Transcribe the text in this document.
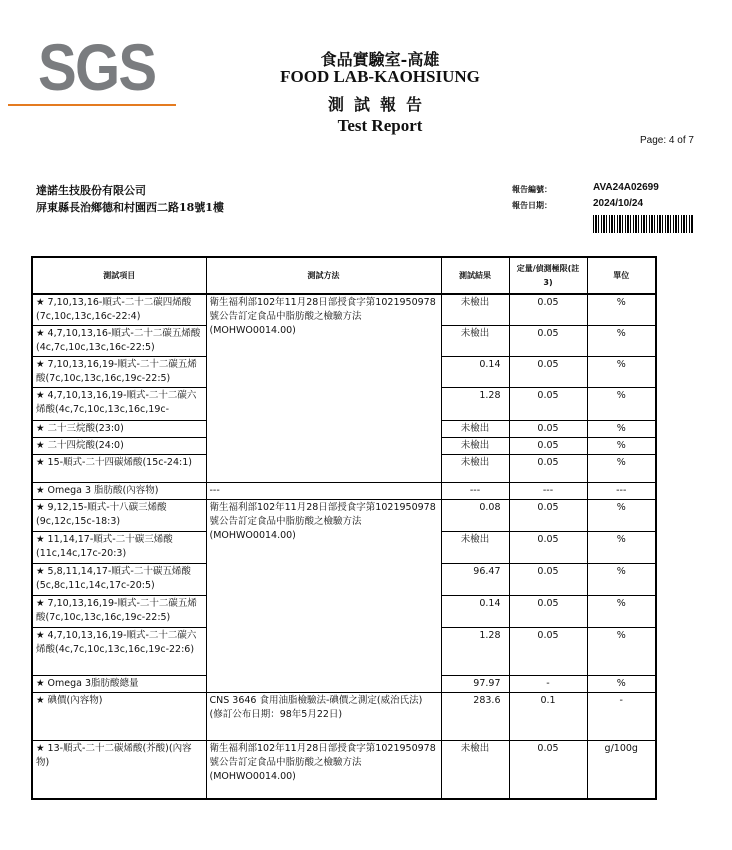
SGS	食品實驗室-高雄
FOOD LAB-KAOHSIUNG
測試報告
Test Report
Page: 4 of 7
達諾生技股份有限公司
屏東縣長治鄉德和村園西二路18號1樓
報告編號：	AVA24A02699
報告日期：	2024/10/24
測試項目	測試方法	測試結果	定量/偵測極限(註3)	單位
★ 7,10,13,16-順式-二十二碳四烯酸(7c,10c,13c,16c-22:4)	衛生福利部102年11月28日部授食字第1021950978號公告訂定食品中脂肪酸之檢驗方法(MOHWO0014.00)	未檢出	0.05	%
★ 4,7,10,13,16-順式-二十二碳五烯酸(4c,7c,10c,13c,16c-22:5)		未檢出	0.05	%
★ 7,10,13,16,19-順式-二十二碳五烯酸(7c,10c,13c,16c,19c-22:5)		0.14	0.05	%

★ 4,7,10,13,16,19-順式-二十二碳六烯酸(4c,7c,10c,13c,16c,19c-		1.28	0.05	%
★ 二十三烷酸(23:0)		未檢出	0.05	%
★ 二十四烷酸(24:0)		未檢出	0.05	%
★ 15-順式-二十四碳烯酸(15c-24:1)		未檢出	0.05	%
★ Omega 3 脂肪酸(內容物)	---	---	---	---
★ 9,12,15-順式-十八碳三烯酸(9c,12c,15c-18:3)	衛生福利部102年11月28日部授食字第1021950978號公告訂定食品中脂肪酸之檢驗方法(MOHWO0014.00)	0.08	0.05	%
★ 11,14,17-順式-二十碳三烯酸(11c,14c,17c-20:3)		未檢出	0.05	%
★ 5,8,11,14,17-順式-二十碳五烯酸(5c,8c,11c,14c,17c-20:5)		96.47	0.05	%
★ 7,10,13,16,19-順式-二十二碳五烯酸(7c,10c,13c,16c,19c-22:5)		0.14	0.05	%
★ 4,7,10,13,16,19-順式-二十二碳六烯酸(4c,7c,10c,13c,16c,19c-22:6)		1.28	0.05	%
★ Omega 3脂肪酸總量		97.97	-	%
★ 碘價(內容物)	CNS 3646 食用油脂檢驗法-碘價之測定(威治氏法) (修訂公布日期：98年5月22日)	283.6	0.1	-
★ 13-順式-二十二碳烯酸(芥酸)(內容物)	衛生福利部102年11月28日部授食字第1021950978號公告訂定食品中脂肪酸之檢驗方法(MOHWO0014.00)	未檢出	0.05	g/100g
